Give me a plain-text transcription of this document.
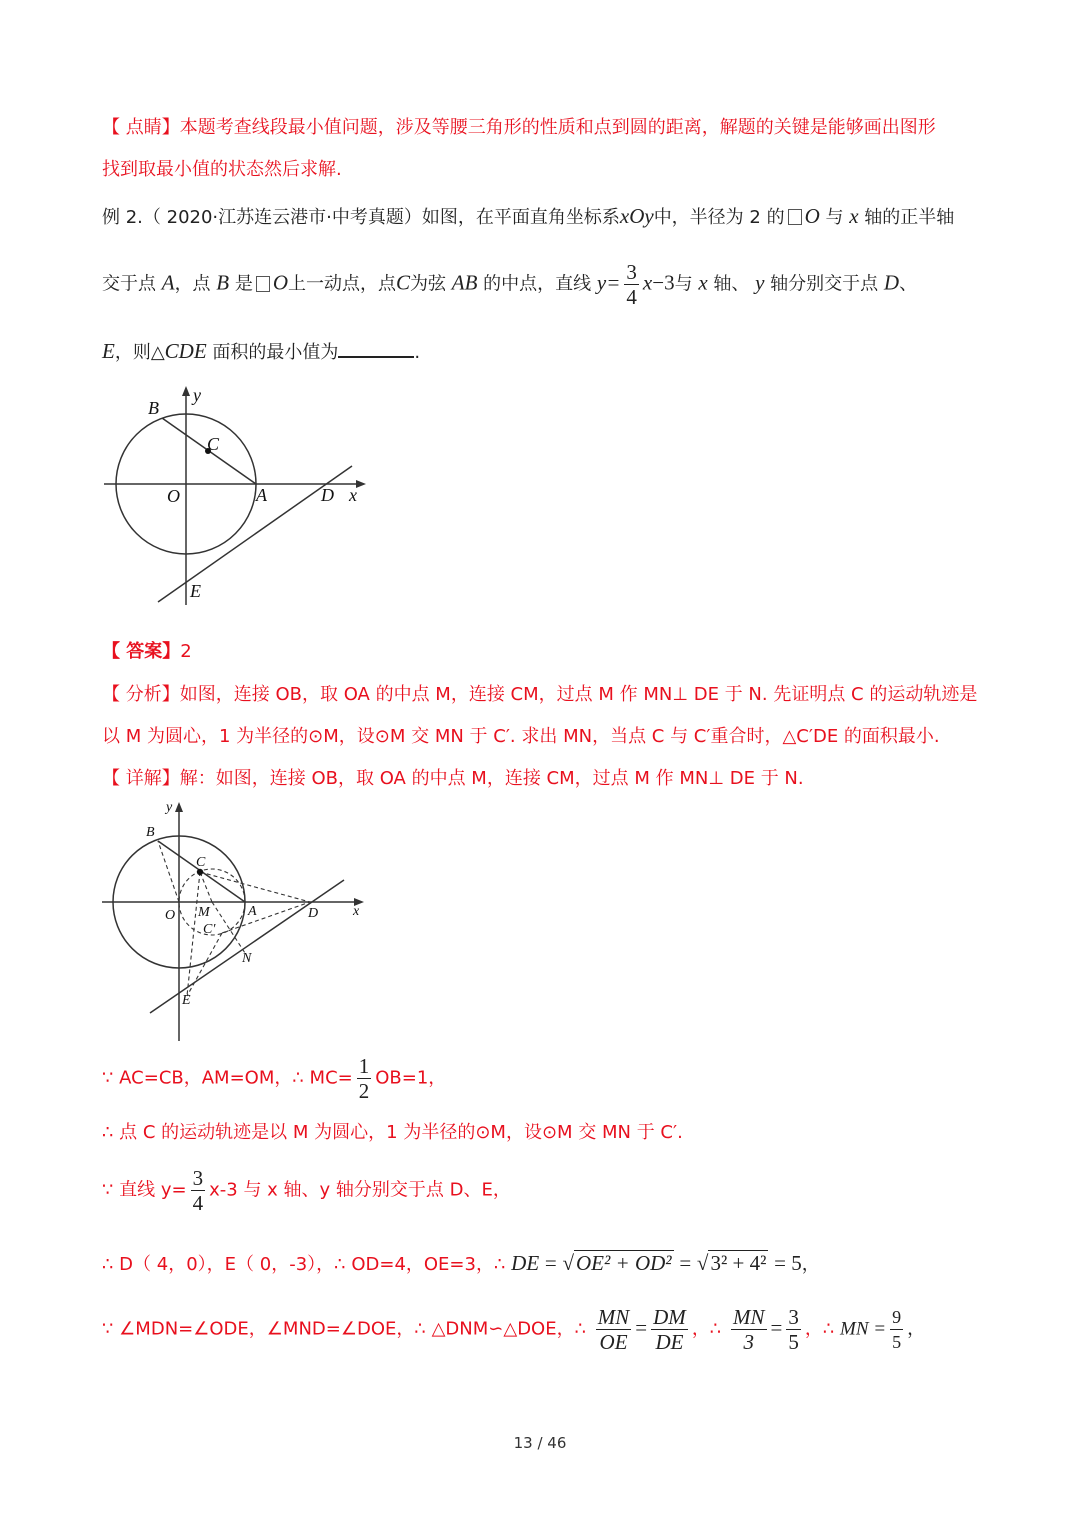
【 点睛】本题考查线段最小值问题，涉及等腰三角形的性质和点到圆的距离，解题的关键是能够画出图形
找到取最小值的状态然后求解.
例 2.（ 2020·江苏连云港市·中考真题）如图，在平面直角坐标系xOy中，半径为 2 的 O 与 x 轴的正半轴
交于点 A，点 B 是 O上一动点，点C为弦 AB 的中点，直线 $y= \frac{3}{4} x-3$与 x 轴、 y 轴分别交于点 D、
E，则△CDE 面积的最小值为	.
B
y
C
O	A	D x
E
【 答案】2
【 分析】如图，连接 OB，取 OA 的中点 M，连接 CM，过点 M 作 MN⊥ DE 于 N. 先证明点 C 的运动轨迹是
以 M 为圆心，1 为半径的⊙M，设⊙M 交 MN 于 C′. 求出 MN，当点 C 与 C′重合时，△C′DE 的面积最小.
【 详解】解：如图，连接 OB，取 OA 的中点 M，连接 CM，过点 M 作 MN⊥ DE 于 N.
B
y
C
O M	A	D x
C′
N
E
∵ AC=CB，AM=OM，∴ $MC= \frac{1}{2} OB=1$，
∴ 点 C 的运动轨迹是以 M 为圆心，1 为半径的⊙M，设⊙M 交 MN 于 C′.
∵ 直线 $y= \frac{3}{4} x-3$ 与 x 轴、y 轴分别交于点 D、E，
∴ D（ 4，0），E（ 0，-3），∴ OD=4，OE=3，∴ DE = √OE² + OD² = √3² + 4² = 5，
∵ ∠MDN=∠ODE，∠MND=∠DOE，∴ △DNM∽△DOE，∴ $\frac{MN}{OE} = \frac{DM}{DE}$ ，∴ $\frac{MN}{3} = \frac{3}{5}$ ，∴ MN = $\frac{9}{5}$ ，
13 / 46
